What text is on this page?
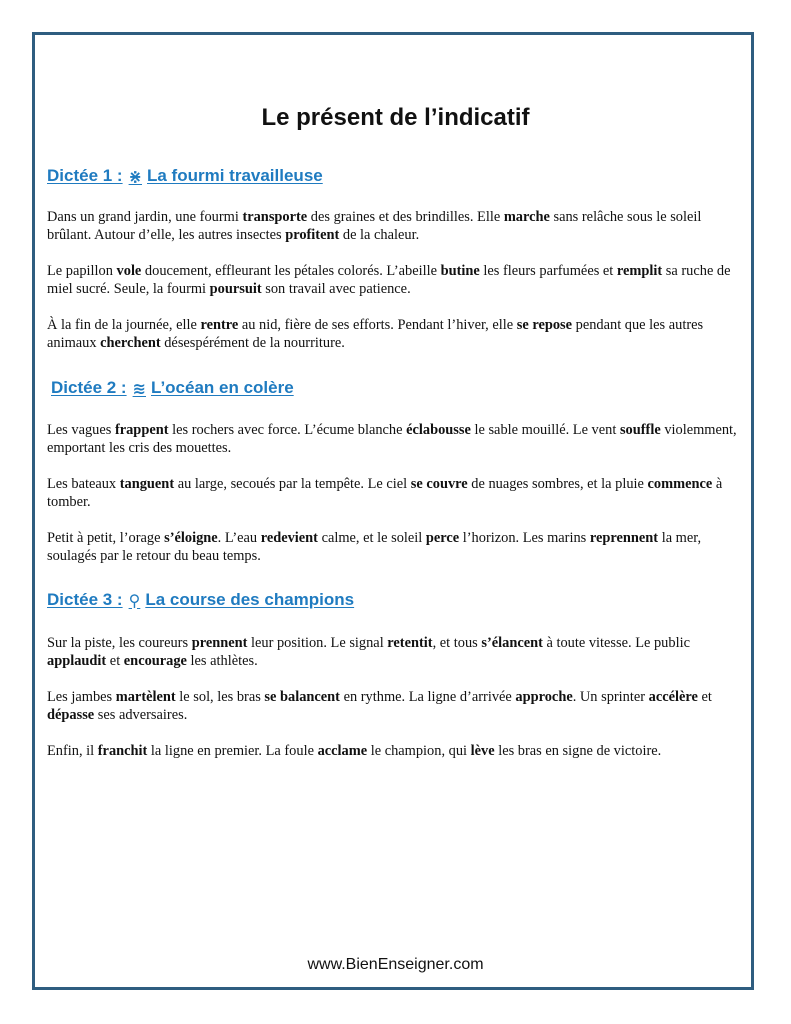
Le présent de l’indicatif
Dictée 1 : ⋇ La fourmi travailleuse
Dans un grand jardin, une fourmi transporte des graines et des brindilles. Elle marche sans relâche sous le soleil brûlant. Autour d’elle, les autres insectes profitent de la chaleur.
Le papillon vole doucement, effleurant les pétales colorés. L’abeille butine les fleurs parfumées et remplit sa ruche de miel sucré. Seule, la fourmi poursuit son travail avec patience.
À la fin de la journée, elle rentre au nid, fière de ses efforts. Pendant l’hiver, elle se repose pendant que les autres animaux cherchent désespérément de la nourriture.
Dictée 2 : ≋ L’océan en colère
Les vagues frappent les rochers avec force. L’écume blanche éclabousse le sable mouillé. Le vent souffle violemment, emportant les cris des mouettes.
Les bateaux tanguent au large, secoués par la tempête. Le ciel se couvre de nuages sombres, et la pluie commence à tomber.
Petit à petit, l’orage s’éloigne. L’eau redevient calme, et le soleil perce l’horizon. Les marins reprennent la mer, soulagés par le retour du beau temps.
Dictée 3 : ⚲ La course des champions
Sur la piste, les coureurs prennent leur position. Le signal retentit, et tous s’élancent à toute vitesse. Le public applaudit et encourage les athlètes.
Les jambes martèlent le sol, les bras se balancent en rythme. La ligne d’arrivée approche. Un sprinter accélère et dépasse ses adversaires.
Enfin, il franchit la ligne en premier. La foule acclame le champion, qui lève les bras en signe de victoire.
www.BienEnseigner.com
